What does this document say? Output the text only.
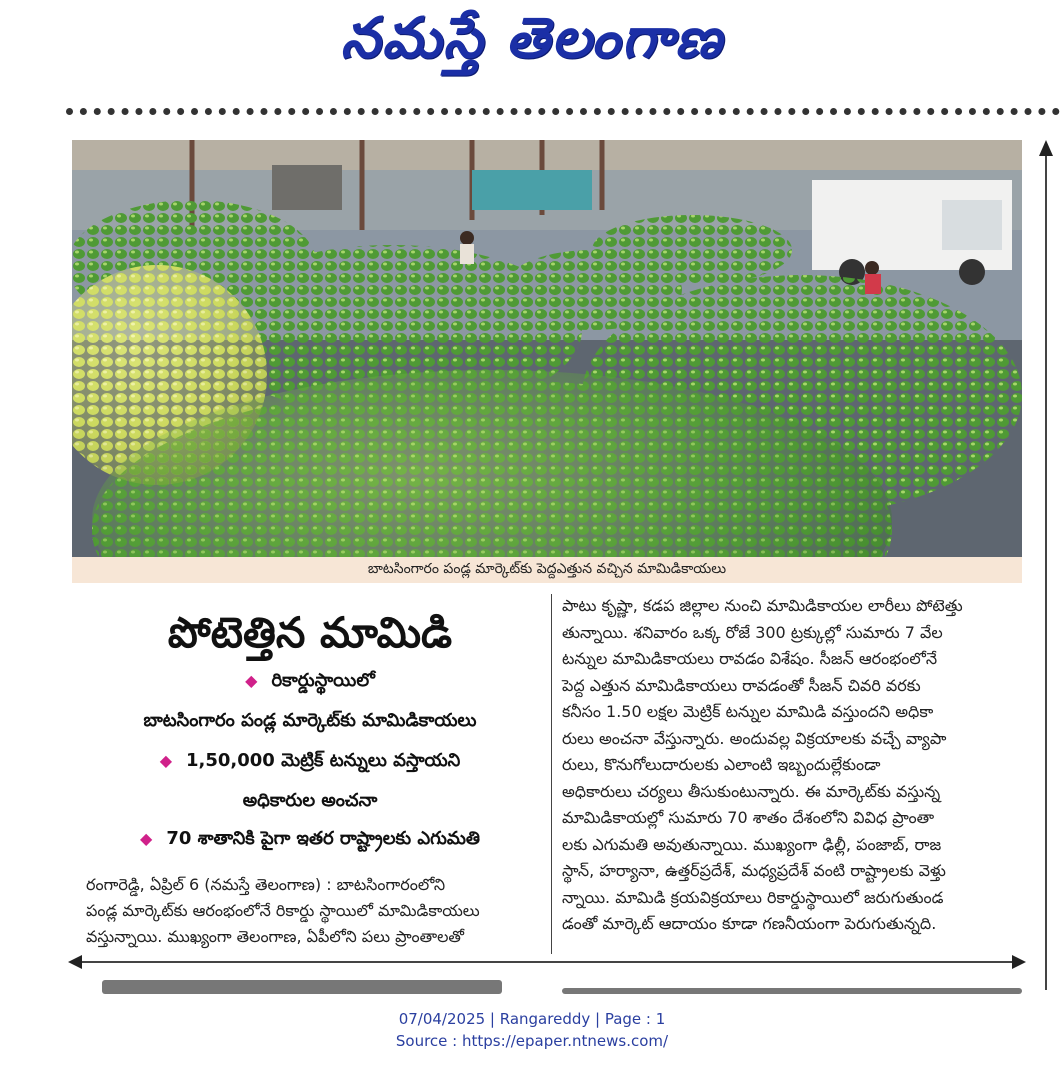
నమస్తే తెలంగాణ
బాటసింగారం పండ్ల మార్కెట్‌కు పెద్దఎత్తున వచ్చిన మామిడికాయలు
పోటెత్తిన మామిడి
◆ రికార్డుస్థాయిలో
బాటసింగారం పండ్ల మార్కెట్‌కు మామిడికాయలు
◆ 1,50,000 మెట్రిక్ టన్నులు వస్తాయని
అధికారుల అంచనా
◆ 70 శాతానికి పైగా ఇతర రాష్ట్రాలకు ఎగుమతి
రంగారెడ్డి, ఏప్రిల్ 6 (నమస్తే తెలంగాణ) : బాటసింగారంలోని
పండ్ల మార్కెట్‌కు ఆరంభంలోనే రికార్డు స్థాయిలో మామిడికాయలు
వస్తున్నాయి. ముఖ్యంగా తెలంగాణ, ఏపీలోని పలు ప్రాంతాలతో
పాటు కృష్ణా, కడప జిల్లాల నుంచి మామిడికాయల లారీలు పోటెత్తు
తున్నాయి. శనివారం ఒక్క రోజే 300 ట్రక్కుల్లో సుమారు 7 వేల
టన్నుల మామిడికాయలు రావడం విశేషం. సీజన్ ఆరంభంలోనే
పెద్ద ఎత్తున మామిడికాయలు రావడంతో సీజన్ చివరి వరకు
కనీసం 1.50 లక్షల మెట్రిక్ టన్నుల మామిడి వస్తుందని అధికా
రులు అంచనా వేస్తున్నారు. అందువల్ల విక్రయాలకు వచ్చే వ్యాపా
రులు, కొనుగోలుదారులకు ఎలాంటి ఇబ్బందుల్లేకుండా
అధికారులు చర్యలు తీసుకుంటున్నారు. ఈ మార్కెట్‌కు వస్తున్న
మామిడికాయల్లో సుమారు 70 శాతం దేశంలోని వివిధ ప్రాంతా
లకు ఎగుమతి అవుతున్నాయి. ముఖ్యంగా ఢిల్లీ, పంజాబ్, రాజ
స్థాన్, హర్యానా, ఉత్తర్‌ప్రదేశ్, మధ్యప్రదేశ్ వంటి రాష్ట్రాలకు వెళ్తు
న్నాయి. మామిడి క్రయవిక్రయాలు రికార్డుస్థాయిలో జరుగుతుండ
డంతో మార్కెట్ ఆదాయం కూడా గణనీయంగా పెరుగుతున్నది.
07/04/2025 | Rangareddy | Page : 1
Source : https://epaper.ntnews.com/
